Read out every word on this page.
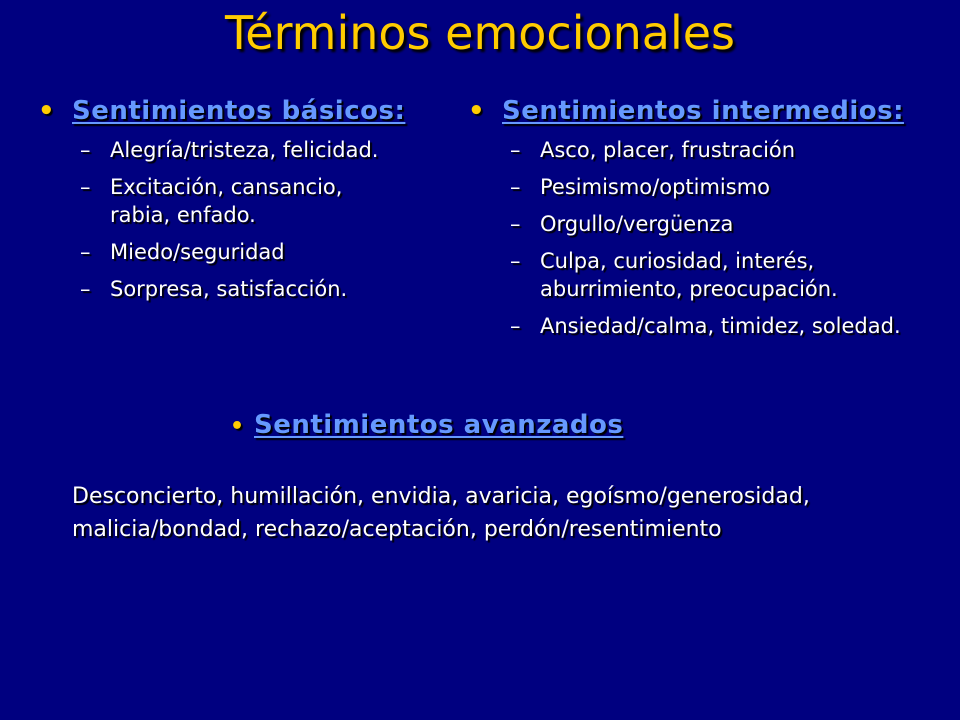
Términos emocionales
• Sentimientos básicos:
– Alegría/tristeza, felicidad.
– Excitación, cansancio, rabia, enfado.
– Miedo/seguridad
– Sorpresa, satisfacción.
• Sentimientos intermedios:
– Asco, placer, frustración
– Pesimismo/optimismo
– Orgullo/vergüenza
– Culpa, curiosidad, interés, aburrimiento, preocupación.
– Ansiedad/calma, timidez, soledad.
• Sentimientos avanzados
Desconcierto, humillación, envidia, avaricia, egoísmo/generosidad, malicia/bondad, rechazo/aceptación, perdón/resentimiento
